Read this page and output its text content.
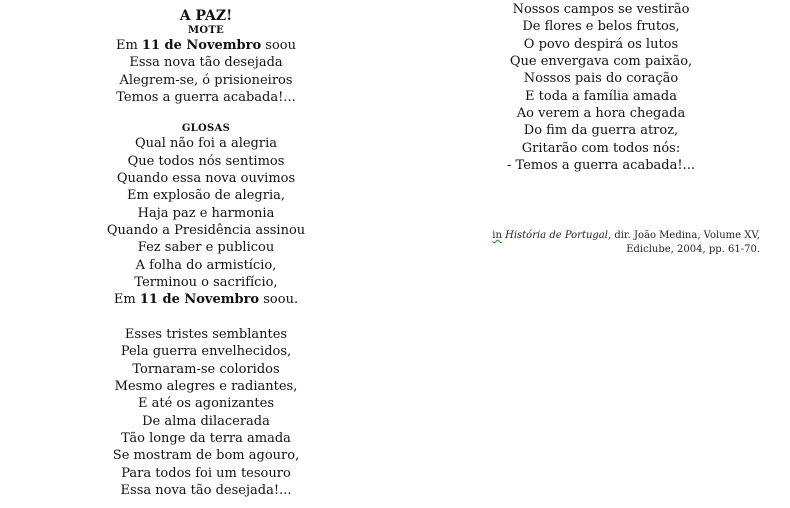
A PAZ!

MOTE

Em 11 de Novembro soou

Essa nova tão desejada

Alegrem-se, ó prisioneiros

Temos a guerra acabada!...

GLOSAS

Qual não foi a alegria

Que todos nós sentimos

Quando essa nova ouvimos

Em explosão de alegria,

Haja paz e harmonia

Quando a Presidência assinou

Fez saber e publicou

A folha do armistício,

Terminou o sacrifício,

Em 11 de Novembro soou.

Esses tristes semblantes

Pela guerra envelhecidos,

Tornaram-se coloridos

Mesmo alegres e radiantes,

E até os agonizantes

De alma dilacerada

Tão longe da terra amada

Se mostram de bom agouro,

Para todos foi um tesouro

Essa nova tão desejada!...

Nossos campos se vestirão

De flores e belos frutos,

O povo despirá os lutos

Que envergava com paixão,

Nossos pais do coração

E toda a família amada

Ao verem a hora chegada

Do fim da guerra atroz,

Gritarão com todos nós:

- Temos a guerra acabada!...

in História de Portugal, dir. João Medina, Volume XV,
Ediclube, 2004, pp. 61-70.
